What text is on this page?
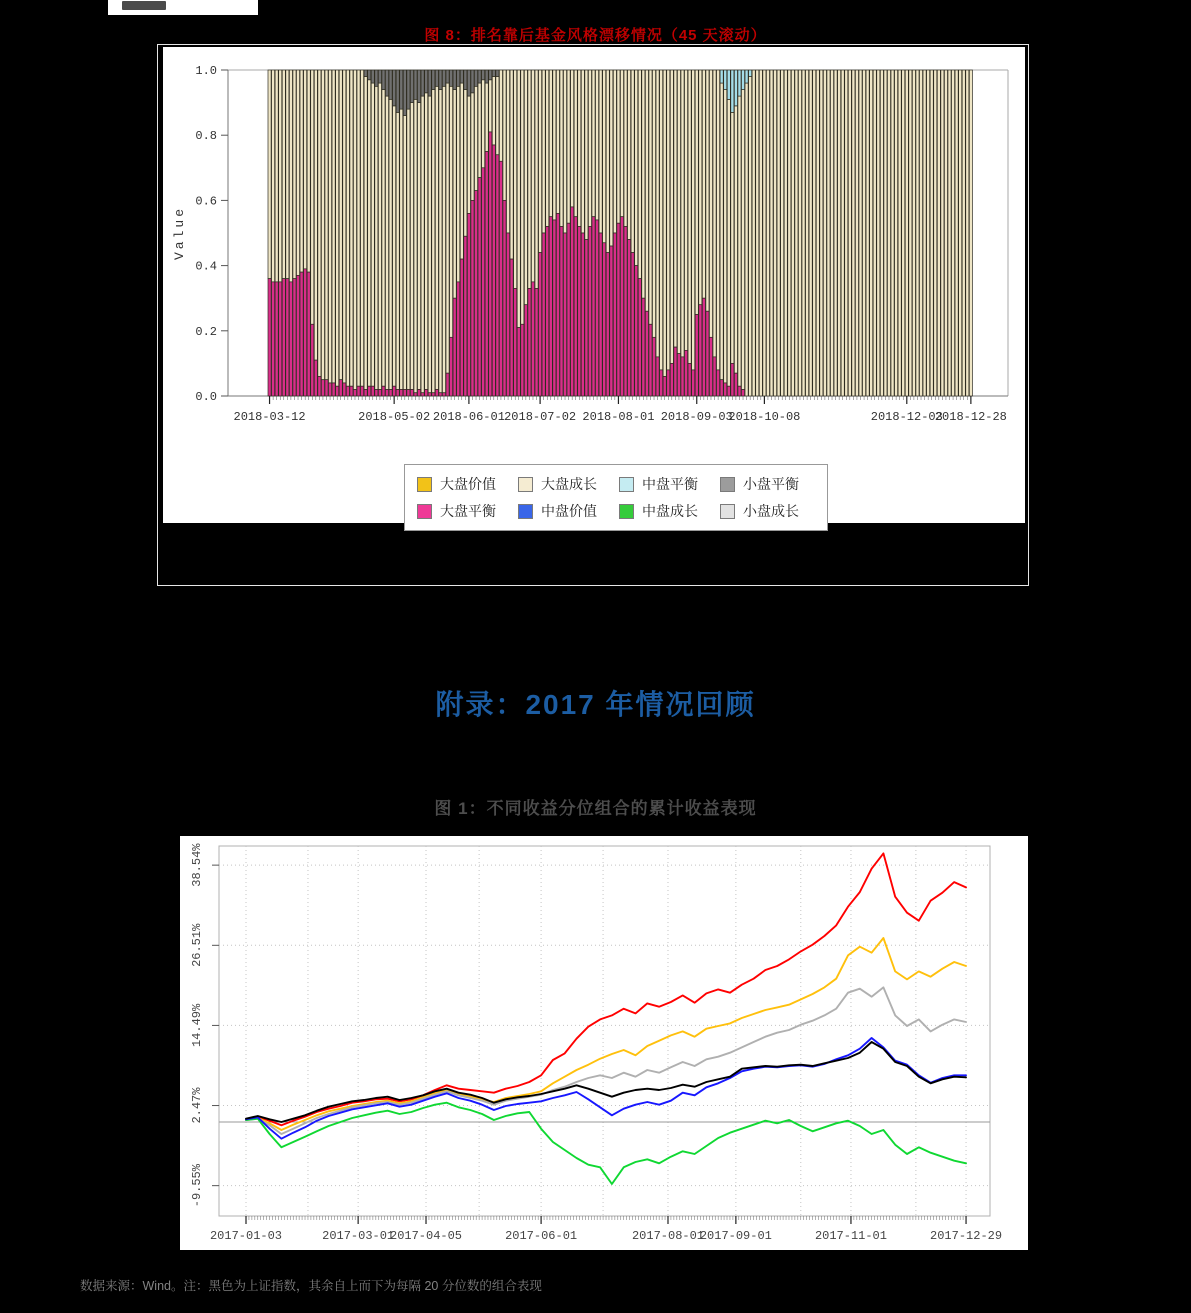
图 8：排名靠后基金风格漂移情况（45 天滚动）
1.0
0.8
0.6
0.4
0.2
0.0
Value
2018-03-12	2018-05-02 2018-06-01 2018-07-02 2018-08-01 2018-09-03
2018-10-08	2018-12-03
2018-12-28
大盘价值	大盘成长	中盘平衡	小盘平衡
大盘平衡	中盘价值	中盘成长	小盘成长
附录：2017 年情况回顾
图 1：不同收益分位组合的累计收益表现
38.54%
26.51%
14.49%
2.47%
-9.55%
2017-01-03	2017-03-01
2017-04-05	2017-06-01	2017-08-01
2017-09-01	2017-11-01	2017-12-29
数据来源：Wind。注：黑色为上证指数，其余自上而下为每隔 20 分位数的组合表现
